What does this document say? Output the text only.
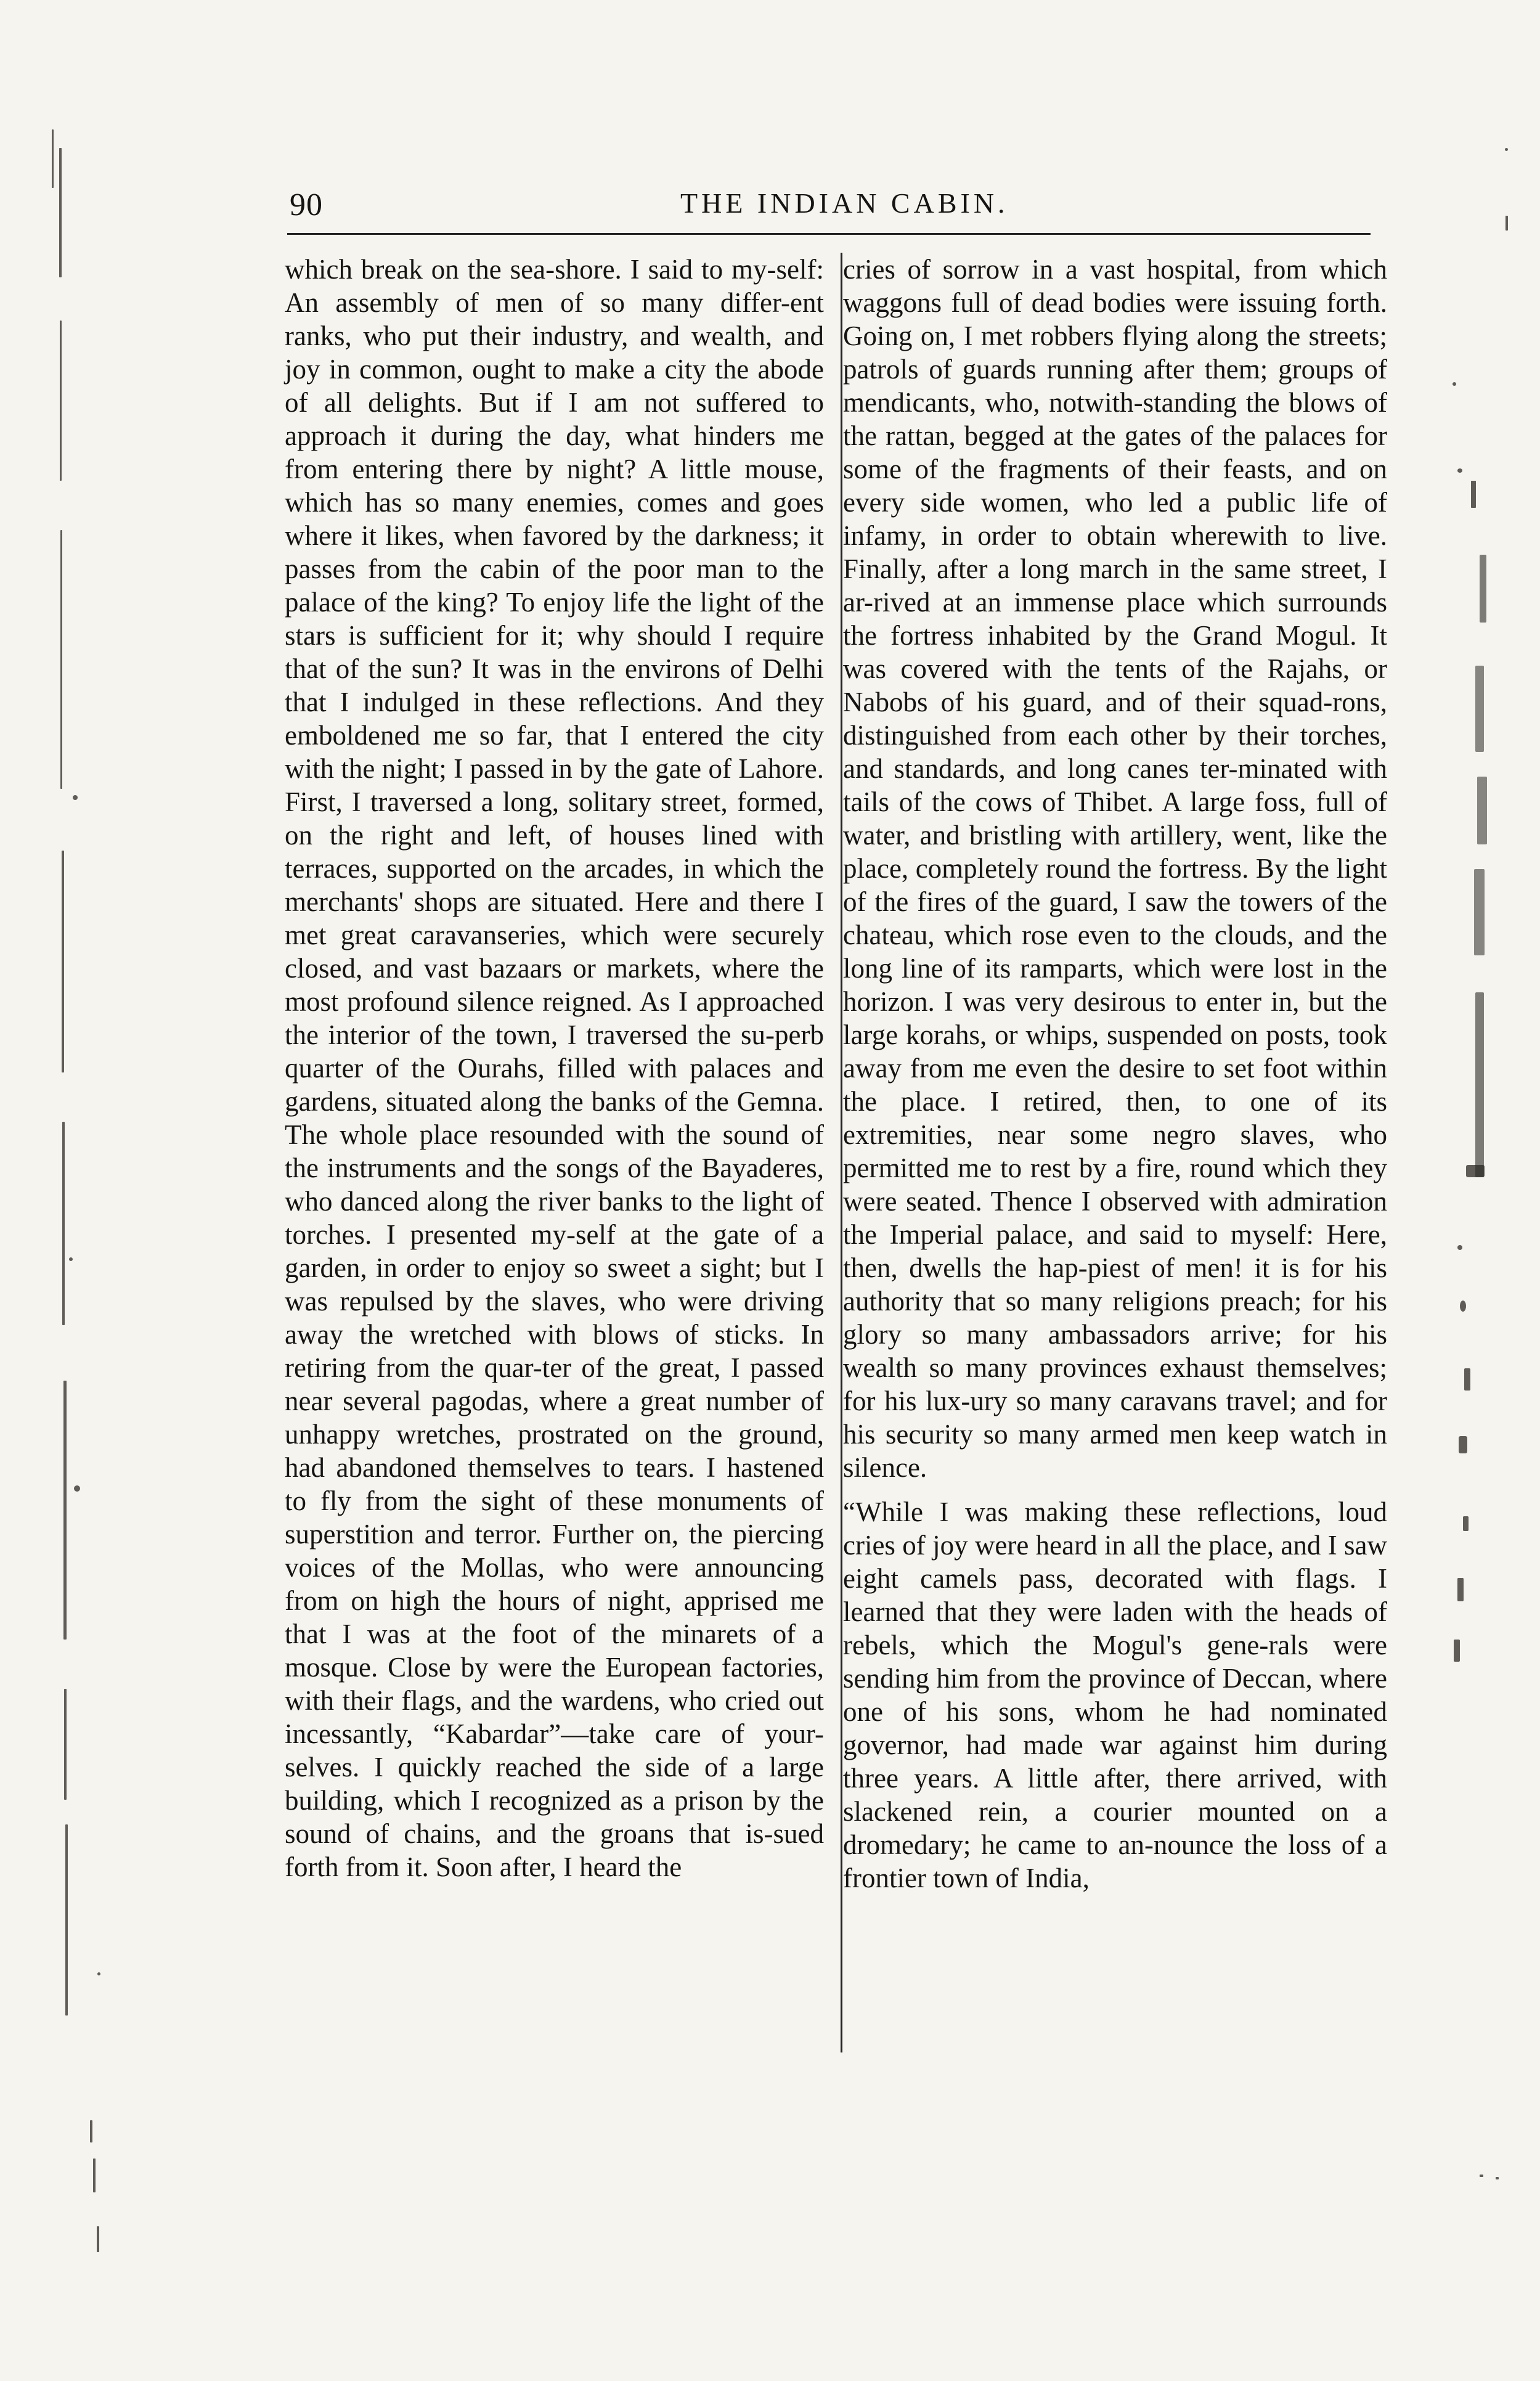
90	THE INDIAN CABIN.

which break on the sea-shore. I said to my-self: An assembly of men of so many differ-ent ranks, who put their industry, and wealth, and joy in common, ought to make a city the abode of all delights. But if I am not suffered to approach it during the day, what hinders me from entering there by night? A little mouse, which has so many enemies, comes and goes where it likes, when favored by the darkness; it passes from the cabin of the poor man to the palace of the king? To enjoy life the light of the stars is sufficient for it; why should I require that of the sun? It was in the environs of Delhi that I indulged in these reflections. And they emboldened me so far, that I entered the city with the night; I passed in by the gate of Lahore. First, I traversed a long, solitary street, formed, on the right and left, of houses lined with terraces, supported on the arcades, in which the merchants' shops are situated. Here and there I met great caravanseries, which were securely closed, and vast bazaars or markets, where the most profound silence reigned. As I approached the interior of the town, I traversed the su-perb quarter of the Ourahs, filled with palaces and gardens, situated along the banks of the Gemna. The whole place resounded with the sound of the instruments and the songs of the Bayaderes, who danced along the river banks to the light of torches. I presented my-self at the gate of a garden, in order to enjoy so sweet a sight; but I was repulsed by the slaves, who were driving away the wretched with blows of sticks. In retiring from the quar-ter of the great, I passed near several pagodas, where a great number of unhappy wretches, prostrated on the ground, had abandoned themselves to tears. I hastened to fly from the sight of these monuments of superstition and terror. Further on, the piercing voices of the Mollas, who were announcing from on high the hours of night, apprised me that I was at the foot of the minarets of a mosque. Close by were the European factories, with their flags, and the wardens, who cried out incessantly, “Kabardar”—take care of your-selves. I quickly reached the side of a large building, which I recognized as a prison by the sound of chains, and the groans that is-sued forth from it. Soon after, I heard the

cries of sorrow in a vast hospital, from which waggons full of dead bodies were issuing forth. Going on, I met robbers flying along the streets; patrols of guards running after them; groups of mendicants, who, notwith-standing the blows of the rattan, begged at the gates of the palaces for some of the fragments of their feasts, and on every side women, who led a public life of infamy, in order to obtain wherewith to live. Finally, after a long march in the same street, I ar-rived at an immense place which surrounds the fortress inhabited by the Grand Mogul. It was covered with the tents of the Rajahs, or Nabobs of his guard, and of their squad-rons, distinguished from each other by their torches, and standards, and long canes ter-minated with tails of the cows of Thibet. A large foss, full of water, and bristling with artillery, went, like the place, completely round the fortress. By the light of the fires of the guard, I saw the towers of the chateau, which rose even to the clouds, and the long line of its ramparts, which were lost in the horizon. I was very desirous to enter in, but the large korahs, or whips, suspended on posts, took away from me even the desire to set foot within the place. I retired, then, to one of its extremities, near some negro slaves, who permitted me to rest by a fire, round which they were seated. Thence I observed with admiration the Imperial palace, and said to myself: Here, then, dwells the hap-piest of men! it is for his authority that so many religions preach; for his glory so many ambassadors arrive; for his wealth so many provinces exhaust themselves; for his lux-ury so many caravans travel; and for his security so many armed men keep watch in silence.

“While I was making these reflections, loud cries of joy were heard in all the place, and I saw eight camels pass, decorated with flags. I learned that they were laden with the heads of rebels, which the Mogul's gene-rals were sending him from the province of Deccan, where one of his sons, whom he had nominated governor, had made war against him during three years. A little after, there arrived, with slackened rein, a courier mounted on a dromedary; he came to an-nounce the loss of a frontier town of India,
